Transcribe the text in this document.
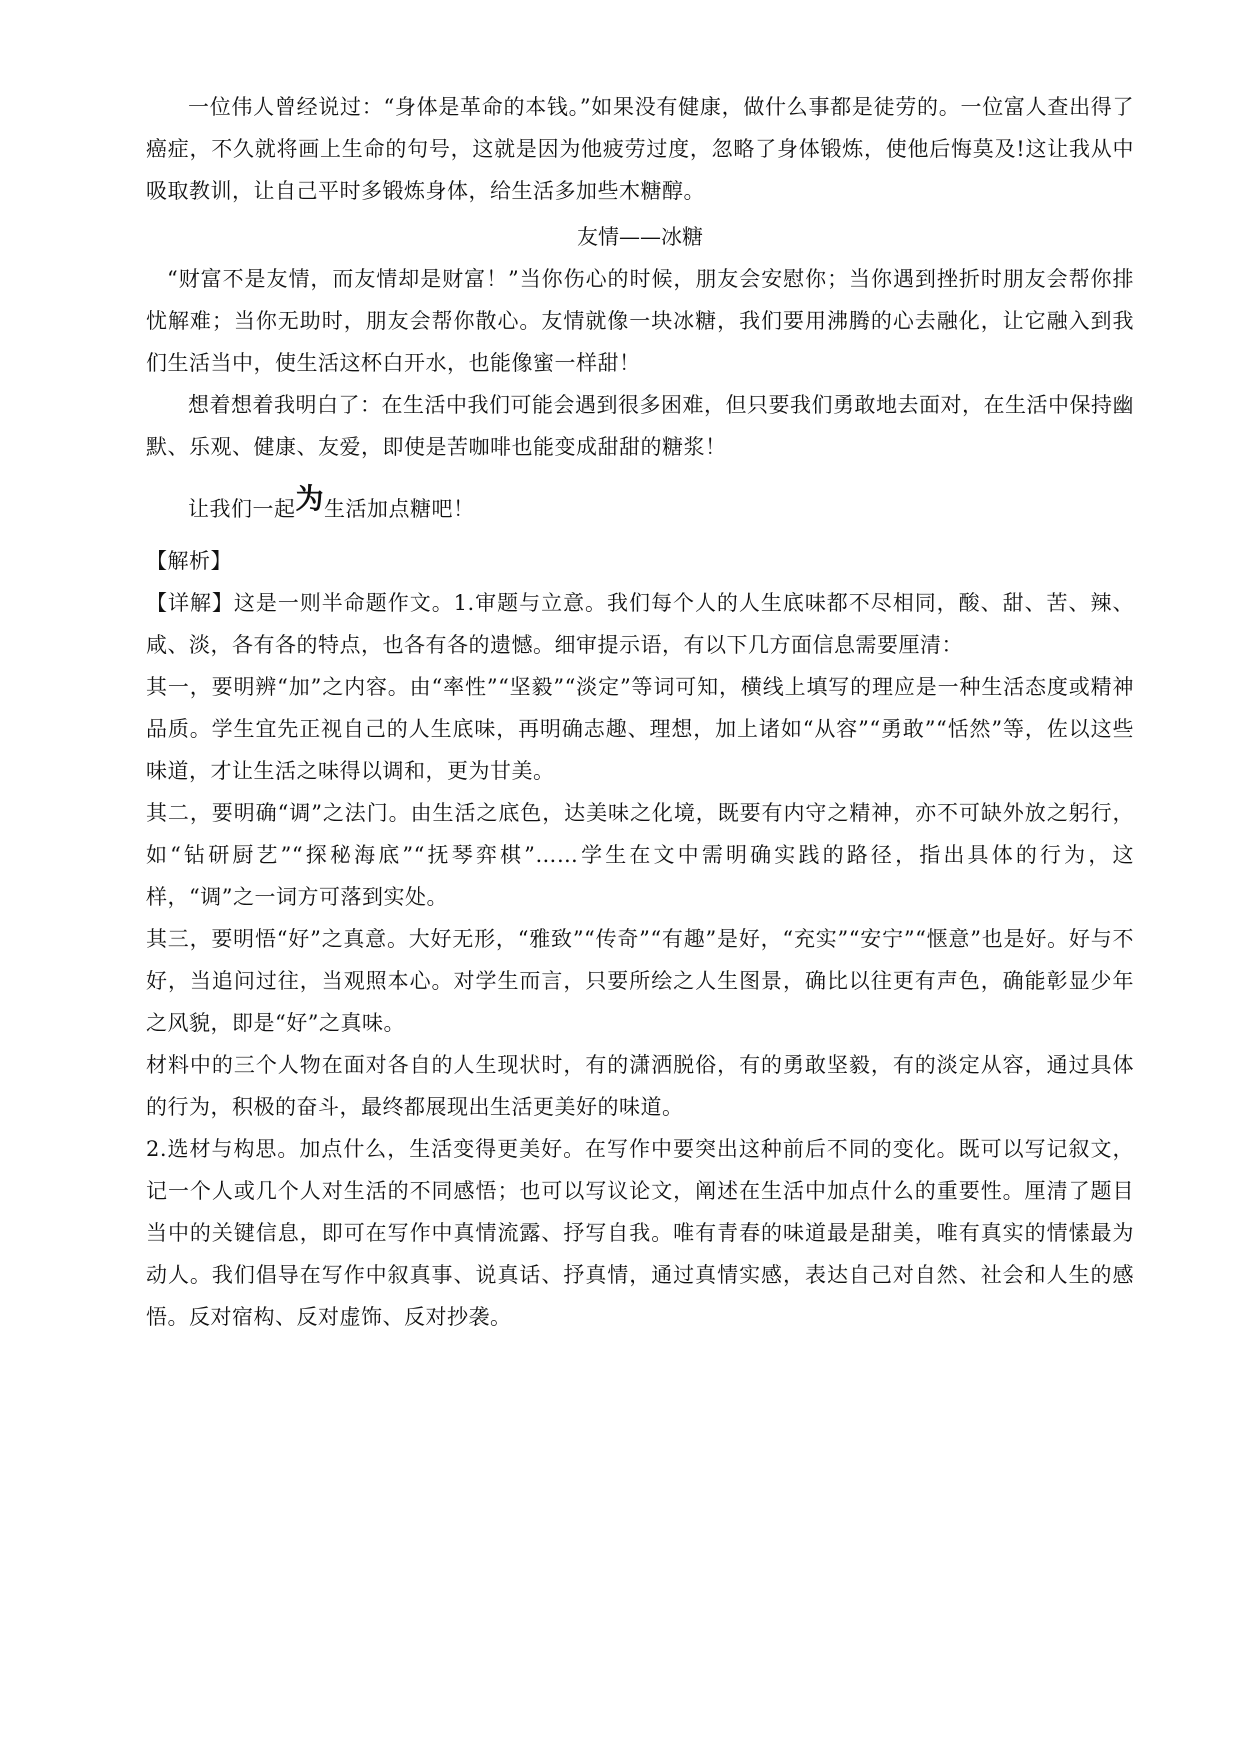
一位伟人曾经说过：“身体是革命的本钱。”如果没有健康，做什么事都是徒劳的。一位富人查出得了癌症，不久就将画上生命的句号，这就是因为他疲劳过度，忽略了身体锻炼，使他后悔莫及!这让我从中吸取教训，让自己平时多锻炼身体，给生活多加些木糖醇。

友情——冰糖

“财富不是友情，而友情却是财富！”当你伤心的时候，朋友会安慰你；当你遇到挫折时朋友会帮你排忧解难；当你无助时，朋友会帮你散心。友情就像一块冰糖，我们要用沸腾的心去融化，让它融入到我们生活当中，使生活这杯白开水，也能像蜜一样甜！

想着想着我明白了：在生活中我们可能会遇到很多困难，但只要我们勇敢地去面对，在生活中保持幽默、乐观、健康、友爱，即使是苦咖啡也能变成甜甜的糖浆！

让我们一起为生活加点糖吧！

【解析】

【详解】这是一则半命题作文。1.审题与立意。我们每个人的人生底味都不尽相同，酸、甜、苦、辣、咸、淡，各有各的特点，也各有各的遗憾。细审提示语，有以下几方面信息需要厘清：

其一，要明辨“加”之内容。由“率性”“坚毅”“淡定”等词可知，横线上填写的理应是一种生活态度或精神品质。学生宜先正视自己的人生底味，再明确志趣、理想，加上诸如“从容”“勇敢”“恬然”等，佐以这些味道，才让生活之味得以调和，更为甘美。

其二，要明确“调”之法门。由生活之底色，达美味之化境，既要有内守之精神，亦不可缺外放之躬行，如“钻研厨艺”“探秘海底”“抚琴弈棋”……学生在文中需明确实践的路径，指出具体的行为，这样，“调”之一词方可落到实处。

其三，要明悟“好”之真意。大好无形，“雅致”“传奇”“有趣”是好，“充实”“安宁”“惬意”也是好。好与不好，当追问过往，当观照本心。对学生而言，只要所绘之人生图景，确比以往更有声色，确能彰显少年之风貌，即是“好”之真味。

材料中的三个人物在面对各自的人生现状时，有的潇洒脱俗，有的勇敢坚毅，有的淡定从容，通过具体的行为，积极的奋斗，最终都展现出生活更美好的味道。

2.选材与构思。加点什么，生活变得更美好。在写作中要突出这种前后不同的变化。既可以写记叙文，记一个人或几个人对生活的不同感悟；也可以写议论文，阐述在生活中加点什么的重要性。厘清了题目当中的关键信息，即可在写作中真情流露、抒写自我。唯有青春的味道最是甜美，唯有真实的情愫最为动人。我们倡导在写作中叙真事、说真话、抒真情，通过真情实感，表达自己对自然、社会和人生的感悟。反对宿构、反对虚饰、反对抄袭。
